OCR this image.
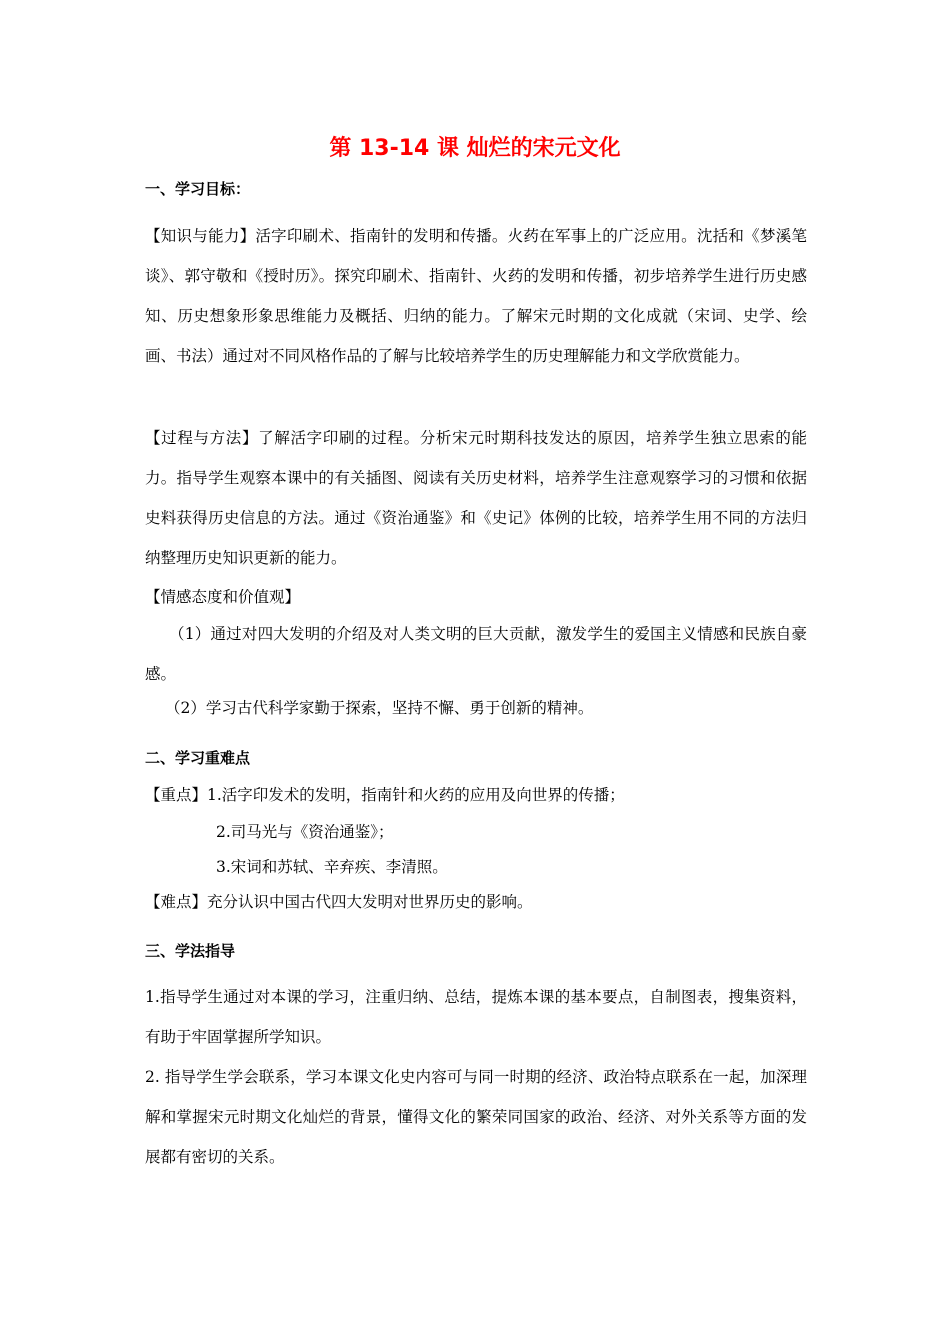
第 13-14 课 灿烂的宋元文化
一、学习目标：
【知识与能力】活字印刷术、指南针的发明和传播。火药在军事上的广泛应用。沈括和《梦溪笔谈》、郭守敬和《授时历》。探究印刷术、指南针、火药的发明和传播，初步培养学生进行历史感知、历史想象形象思维能力及概括、归纳的能力。了解宋元时期的文化成就（宋词、史学、绘画、书法）通过对不同风格作品的了解与比较培养学生的历史理解能力和文学欣赏能力。
【过程与方法】了解活字印刷的过程。分析宋元时期科技发达的原因，培养学生独立思索的能力。指导学生观察本课中的有关插图、阅读有关历史材料，培养学生注意观察学习的习惯和依据史料获得历史信息的方法。通过《资治通鉴》和《史记》体例的比较，培养学生用不同的方法归纳整理历史知识更新的能力。
【情感态度和价值观】
（1）通过对四大发明的介绍及对人类文明的巨大贡献，激发学生的爱国主义情感和民族自豪感。
（2）学习古代科学家勤于探索，坚持不懈、勇于创新的精神。
二、学习重难点
【重点】1.活字印发术的发明，指南针和火药的应用及向世界的传播；
2.司马光与《资治通鉴》；
3.宋词和苏轼、辛弃疾、李清照。
【难点】充分认识中国古代四大发明对世界历史的影响。
三、学法指导
1.指导学生通过对本课的学习，注重归纳、总结，提炼本课的基本要点，自制图表，搜集资料，有助于牢固掌握所学知识。
2. 指导学生学会联系，学习本课文化史内容可与同一时期的经济、政治特点联系在一起，加深理解和掌握宋元时期文化灿烂的背景，懂得文化的繁荣同国家的政治、经济、对外关系等方面的发展都有密切的关系。
